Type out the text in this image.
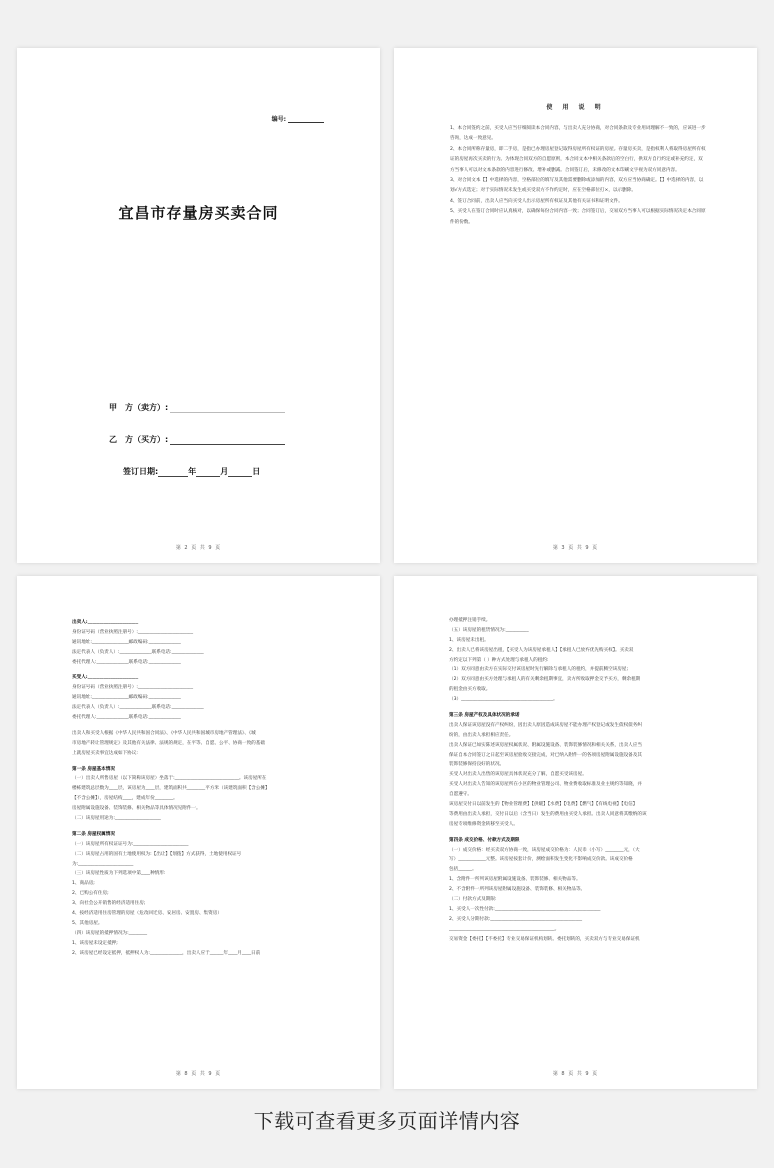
编号:
宜昌市存量房买卖合同
甲　方（卖方）:
乙　方（买方）:
签订日期:	年	月	日
第 2 页 共 9 页
使 用 说 明

1、本合同签约之前，买受人应当仔细阅读本合同内容，与出卖人充分协商，对合同条款及专业用词理解不一致的，应该进一步咨询，达成一致意见。

2、本合同所称存量房，即二手房，是指已办理房屋登记取得房屋所有权证的房屋。存量房买卖，是指权利人将取得房屋所有权证的房屋再次买卖的行为。为体现合同双方的自愿原则，本合同文本中相关条款后的空白行，供双方自行约定或补充约定，双方当事人可以对文本条款的内容进行修改、增补或删减。合同签订后，未修改的文本印刷文字视为双方同意内容。

3、对合同文本【】中选择的内容，空格部位的填写及其他需要删除或添加的内容，双方应当协商确定。【】中选择的内容，以划√方式选定；对于实际情况未发生或买受双方不作约定时，应在空格部位打×，以示删除。

4、签订合同前，出卖人应当向买受人出示房屋所有权证及其他有关证书和证明文件。

5、买受人在签订合同时应认真核对，以确保每份合同内容一致；合同签订后，交易双方当事人可以根据实际情况决定本合同原件的份数。

第 3 页 共 9 页
出卖人:______________________
身份证号码（营业执照注册号）:________________________
通讯地址:________________邮政编码:______________
法定代表人（负责人）:______________联系电话:______________
委托代理人:______________联系电话:______________
买受人:______________________
身份证号码（营业执照注册号）:________________________
通讯地址:________________邮政编码:______________
法定代表人（负责人）:______________联系电话:______________
委托代理人:______________联系电话:______________
出卖人和买受人根据《中华人民共和国合同法》、《中华人民共和国城市房地产管理法》、《城
市房地产转让管理规定》及其他有关法律、法规的规定，在平等、自愿、公平、协商一致的基础
上就房屋买卖事宜达成如下协议:
第一条 房屋基本情况
（一）出卖人所售房屋（以下简称该房屋）坐落于:____________________________。该房屋所在
楼栋建筑总层数为____层，该房屋为____层，建筑面积共________平方米（该建筑面积【含公摊】
【不含公摊】），房屋结构____，建成年份________。
房屋附属设施设备、装饰装修、相关物品等具体情况见附件一。
（二）该房屋用途为:____________________
第二条 房屋权属情况
（一）该房屋所有权证证号为:________________________
（二）该房屋占用的国有土地使用权为:【出让】【划拨】方式获得，土地使用权证号
为:________________________
（三）该房屋性质为下列选项中第____种情形:
1、商品房;
2、已购公有住房;
3、向社会公开销售的经济适用住房;
4、按经济适用住房管理的房屋（危改回迁房、安居房、安置房、集资房）
5、其他房屋。
（四）该房屋的抵押情况为:________
1、该房屋未设定抵押;
2、该房屋已经设定抵押，抵押权人为:______________，出卖人应于______年____月____日前
第 8 页 共 9 页
办理抵押注销手续。
（五）该房屋的租赁情况为:__________
1、该房屋未出租。
2、出卖人已将该房屋出租，【买受人为该房屋承租人】【承租人已放弃优先购买权】。买卖双
方约定以下列第（ ）种方式处理与承租人的租约:
（1）双方同意由卖方在实际交付该房屋时先行解除与承租人的租约，并提前腾空该房屋;
（2）双方同意由买方处理与承租人的有关剩余租期事宜，卖方所收取押金交予买方，剩余租期
的租金由买方收取。
（3）________________________________________。
第三条 房屋产权及具体状况的承诺
出卖人保证该房屋没有产权纠纷，因出卖人原因造成该房屋不能办理产权登记或发生债权债务纠
纷的，由出卖人承担相应责任。
出卖人保证已如实陈述该房屋权属状况、附属设施设备、装饰装修情况和相关关系，出卖人应当
保证自本合同签订之日起至该房屋验收交接完成，对已纳入附件一的各项房屋附属设施设备及其
装饰装修保持良好的状况。
买受人对出卖人出售的该房屋具体状况充分了解，自愿买受该房屋。
买受人对出卖人告知的该房屋所在小区的物业管理公司、物业费收取标准及业主规约等知晓，并
自愿遵守。
该房屋交付日以前发生的【物业管理费】【供暖】【水费】【电费】【燃气】【有线电视】【电信】
等费用由出卖人承担，交付日以后（含当日）发生的费用由买受人承担。出卖人同意将其缴纳的该
房屋专项维修资金转移至买受人。
第四条 成交价格、付款方式及期限
（一）成交价格：经买卖双方协商一致，该房屋成交价格为：人民币（小写）________元，（大
写）____________元整。该房屋按套计价，测绘面积发生变化不影响成交价款。该成交价格
包括______。
1、含附件一所列该房屋附属设施设备、装饰装修、相关物品等。
2、不含附件一所列该房屋附属设施设备、装饰装修、相关物品等。
（二）付款方式及期限:
1、买受人一次性付款:______________________________________________
2、买受人分期付款:________________________________________
______________________________________________。
交易资金【委托】【不委托】专业交易保证机构划转。委托划转的，买卖双方与专业交易保证机
第 8 页 共 9 页
下载可查看更多页面详情内容
